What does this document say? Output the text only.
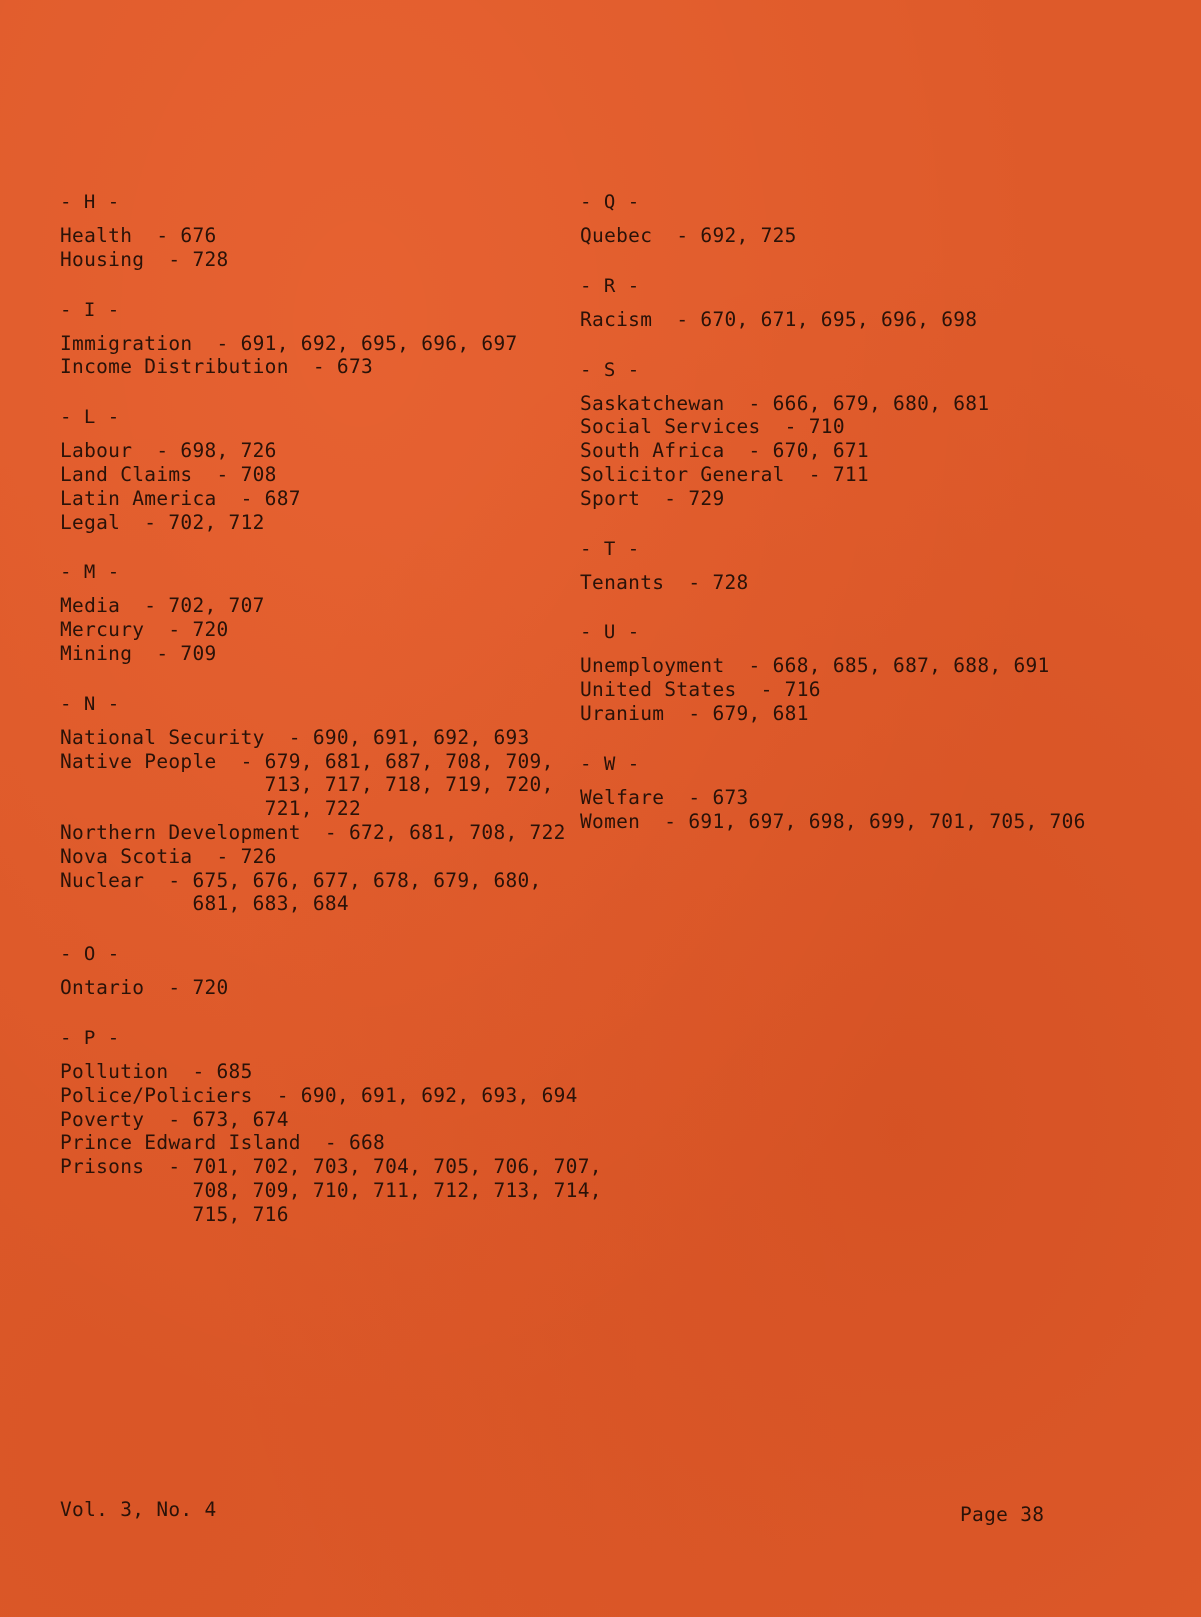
- H -
Health  - 676
Housing  - 728
- I -
Immigration  - 691, 692, 695, 696, 697
Income Distribution  - 673
- L -
Labour  - 698, 726
Land Claims  - 708
Latin America  - 687
Legal  - 702, 712
- M -
Media  - 702, 707
Mercury  - 720
Mining  - 709
- N -
National Security  - 690, 691, 692, 693
Native People  - 679, 681, 687, 708, 709,
713, 717, 718, 719, 720,
721, 722
Northern Development  - 672, 681, 708, 722
Nova Scotia  - 726
Nuclear  - 675, 676, 677, 678, 679, 680,
681, 683, 684
- O -
Ontario  - 720
- P -
Pollution  - 685
Police/Policiers  - 690, 691, 692, 693, 694
Poverty  - 673, 674
Prince Edward Island  - 668
Prisons  - 701, 702, 703, 704, 705, 706, 707,
708, 709, 710, 711, 712, 713, 714,
715, 716
- Q -
Quebec  - 692, 725
- R -
Racism  - 670, 671, 695, 696, 698
- S -
Saskatchewan  - 666, 679, 680, 681
Social Services  - 710
South Africa  - 670, 671
Solicitor General  - 711
Sport  - 729
- T -
Tenants  - 728
- U -
Unemployment  - 668, 685, 687, 688, 691
United States  - 716
Uranium  - 679, 681
- W -
Welfare  - 673
Women  - 691, 697, 698, 699, 701, 705, 706
Vol. 3, No. 4	Page 38
